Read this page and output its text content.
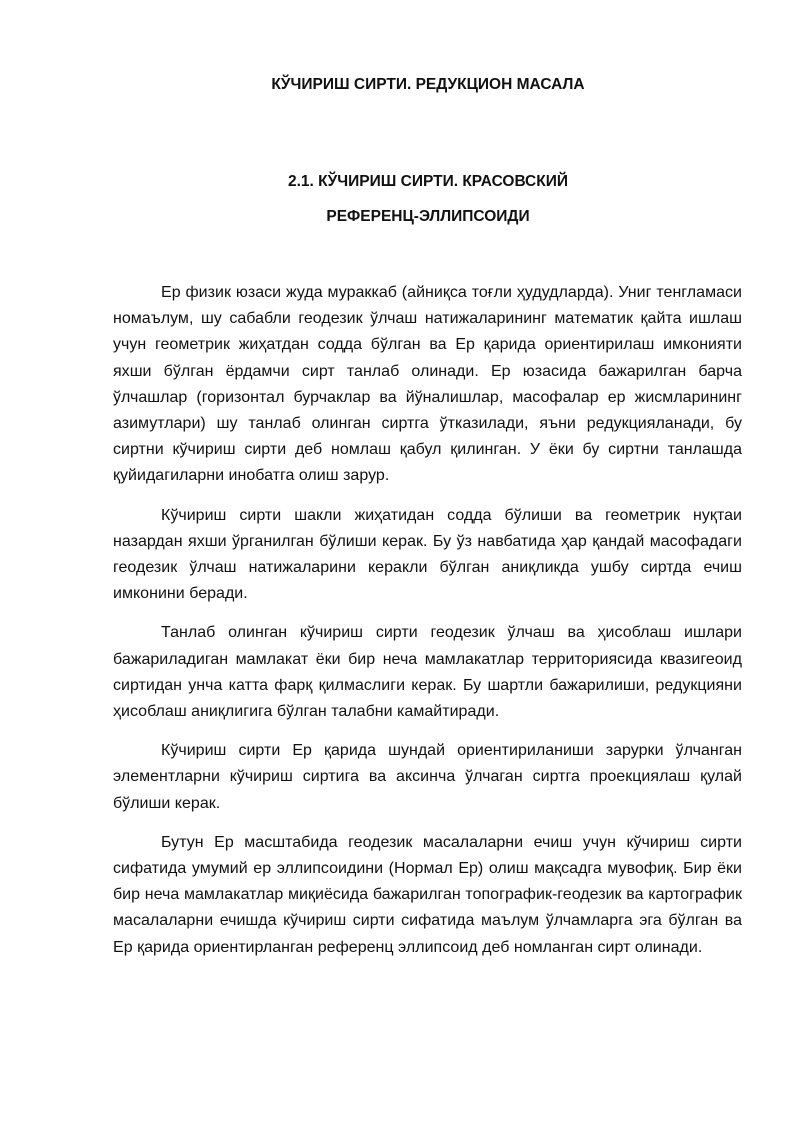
КЎЧИРИШ СИРТИ. РЕДУКЦИОН МАСАЛА
2.1. КЎЧИРИШ СИРТИ. КРАСОВСКИЙ
РЕФЕРЕНЦ-ЭЛЛИПСОИДИ

Ер физик юзаси жуда мураккаб (айниқса тоғли ҳудудларда). Униг тенгламаси номаълум, шу сабабли геодезик ўлчаш натижаларининг математик қайта ишлаш учун геометрик жиҳатдан содда бўлган ва Ер қарида ориентирилаш имконияти яхши бўлган ёрдамчи сирт танлаб олинади. Ер юзасида бажарилган барча ўлчашлар (горизонтал бурчаклар ва йўналишлар, масофалар ер жисмларининг азимутлари) шу танлаб олинган сиртга ўтказилади, яъни редукцияланади, бу сиртни кўчириш сирти деб номлаш қабул қилинган. У ёки бу сиртни танлашда қуйидагиларни инобатга олиш зарур.

Кўчириш сирти шакли жиҳатидан содда бўлиши ва геометрик нуқтаи назардан яхши ўрганилган бўлиши керак. Бу ўз навбатида ҳар қандай масофадаги геодезик ўлчаш натижаларини керакли бўлган аниқликда ушбу сиртда ечиш имконини беради.

Танлаб олинган кўчириш сирти геодезик ўлчаш ва ҳисоблаш ишлари бажариладиган мамлакат ёки бир неча мамлакатлар территориясида квазигеоид сиртидан унча катта фарқ қилмаслиги керак. Бу шартли бажарилиши, редукцияни ҳисоблаш аниқлигига бўлган талабни камайтиради.

Кўчириш сирти Ер қарида шундай ориентириланиши зарурки ўлчанган элементларни кўчириш сиртига ва аксинча ўлчаган сиртга проекциялаш қулай бўлиши керак.

Бутун Ер масштабида геодезик масалаларни ечиш учун кўчириш сирти сифатида умумий ер эллипсоидини (Нормал Ер) олиш мақсадга мувофиқ. Бир ёки бир неча мамлакатлар миқиёсида бажарилган топографик-геодезик ва картографик масалаларни ечишда кўчириш сирти сифатида маълум ўлчамларга эга бўлган ва Ер қарида ориентирланган референц эллипсоид деб номланган сирт олинади.
